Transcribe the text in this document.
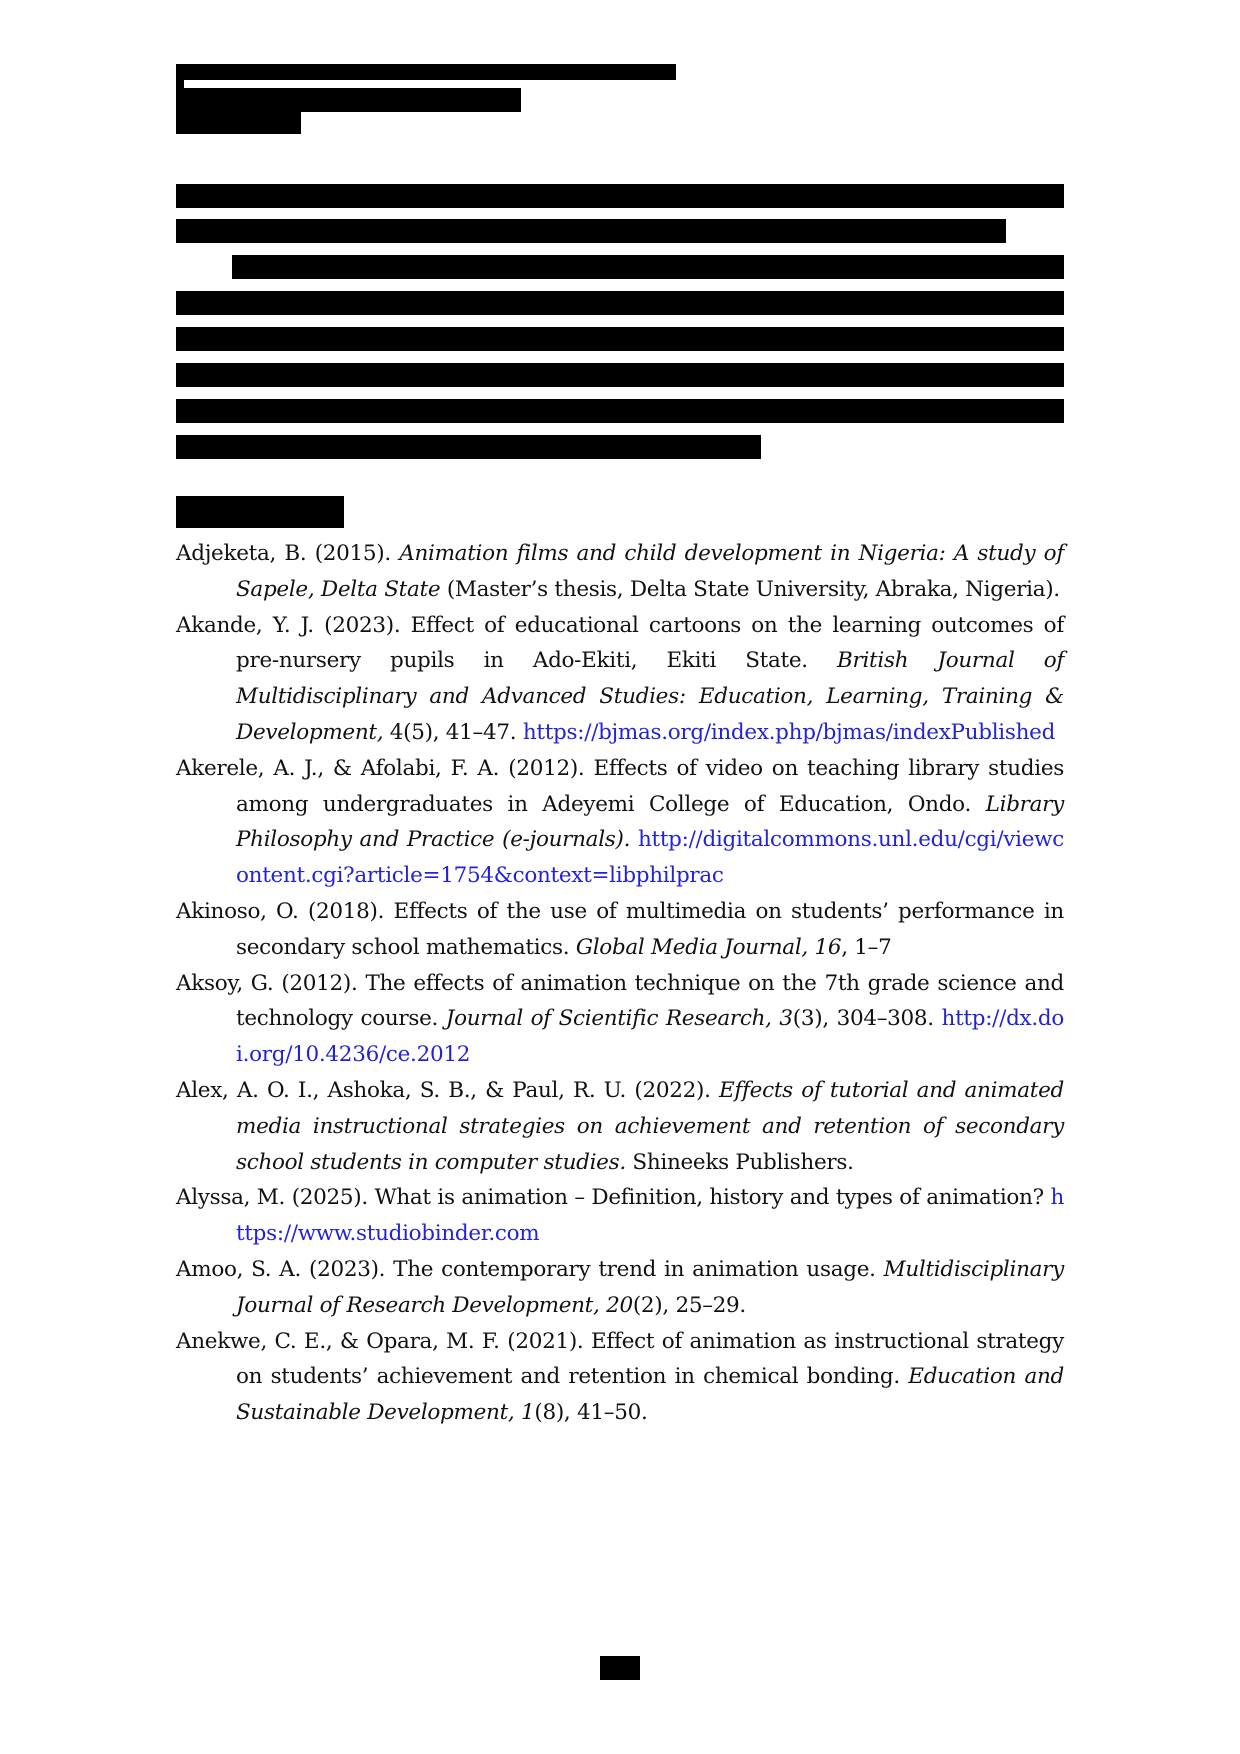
Adjeketa, B. (2015). Animation films and child development in Nigeria: A study of Sapele, Delta State (Master’s thesis, Delta State University, Abraka, Nigeria).

Akande, Y. J. (2023). Effect of educational cartoons on the learning outcomes of pre-nursery pupils in Ado-Ekiti, Ekiti State. British Journal of Multidisciplinary and Advanced Studies: Education, Learning, Training & Development, 4(5), 41–47. https://bjmas.org/index.php/bjmas/indexPublished

Akerele, A. J., & Afolabi, F. A. (2012). Effects of video on teaching library studies among undergraduates in Adeyemi College of Education, Ondo. Library Philosophy and Practice (e-journals). http://digitalcommons.unl.edu/cgi/viewcontent.cgi?article=1754&context=libphilprac

Akinoso, O. (2018). Effects of the use of multimedia on students’ performance in secondary school mathematics. Global Media Journal, 16, 1–7

Aksoy, G. (2012). The effects of animation technique on the 7th grade science and technology course. Journal of Scientific Research, 3(3), 304–308. http://dx.doi.org/10.4236/ce.2012

Alex, A. O. I., Ashoka, S. B., & Paul, R. U. (2022). Effects of tutorial and animated media instructional strategies on achievement and retention of secondary school students in computer studies. Shineeks Publishers.

Alyssa, M. (2025). What is animation – Definition, history and types of animation? https://www.studiobinder.com

Amoo, S. A. (2023). The contemporary trend in animation usage. Multidisciplinary Journal of Research Development, 20(2), 25–29.

Anekwe, C. E., & Opara, M. F. (2021). Effect of animation as instructional strategy on students’ achievement and retention in chemical bonding. Education and Sustainable Development, 1(8), 41–50.
